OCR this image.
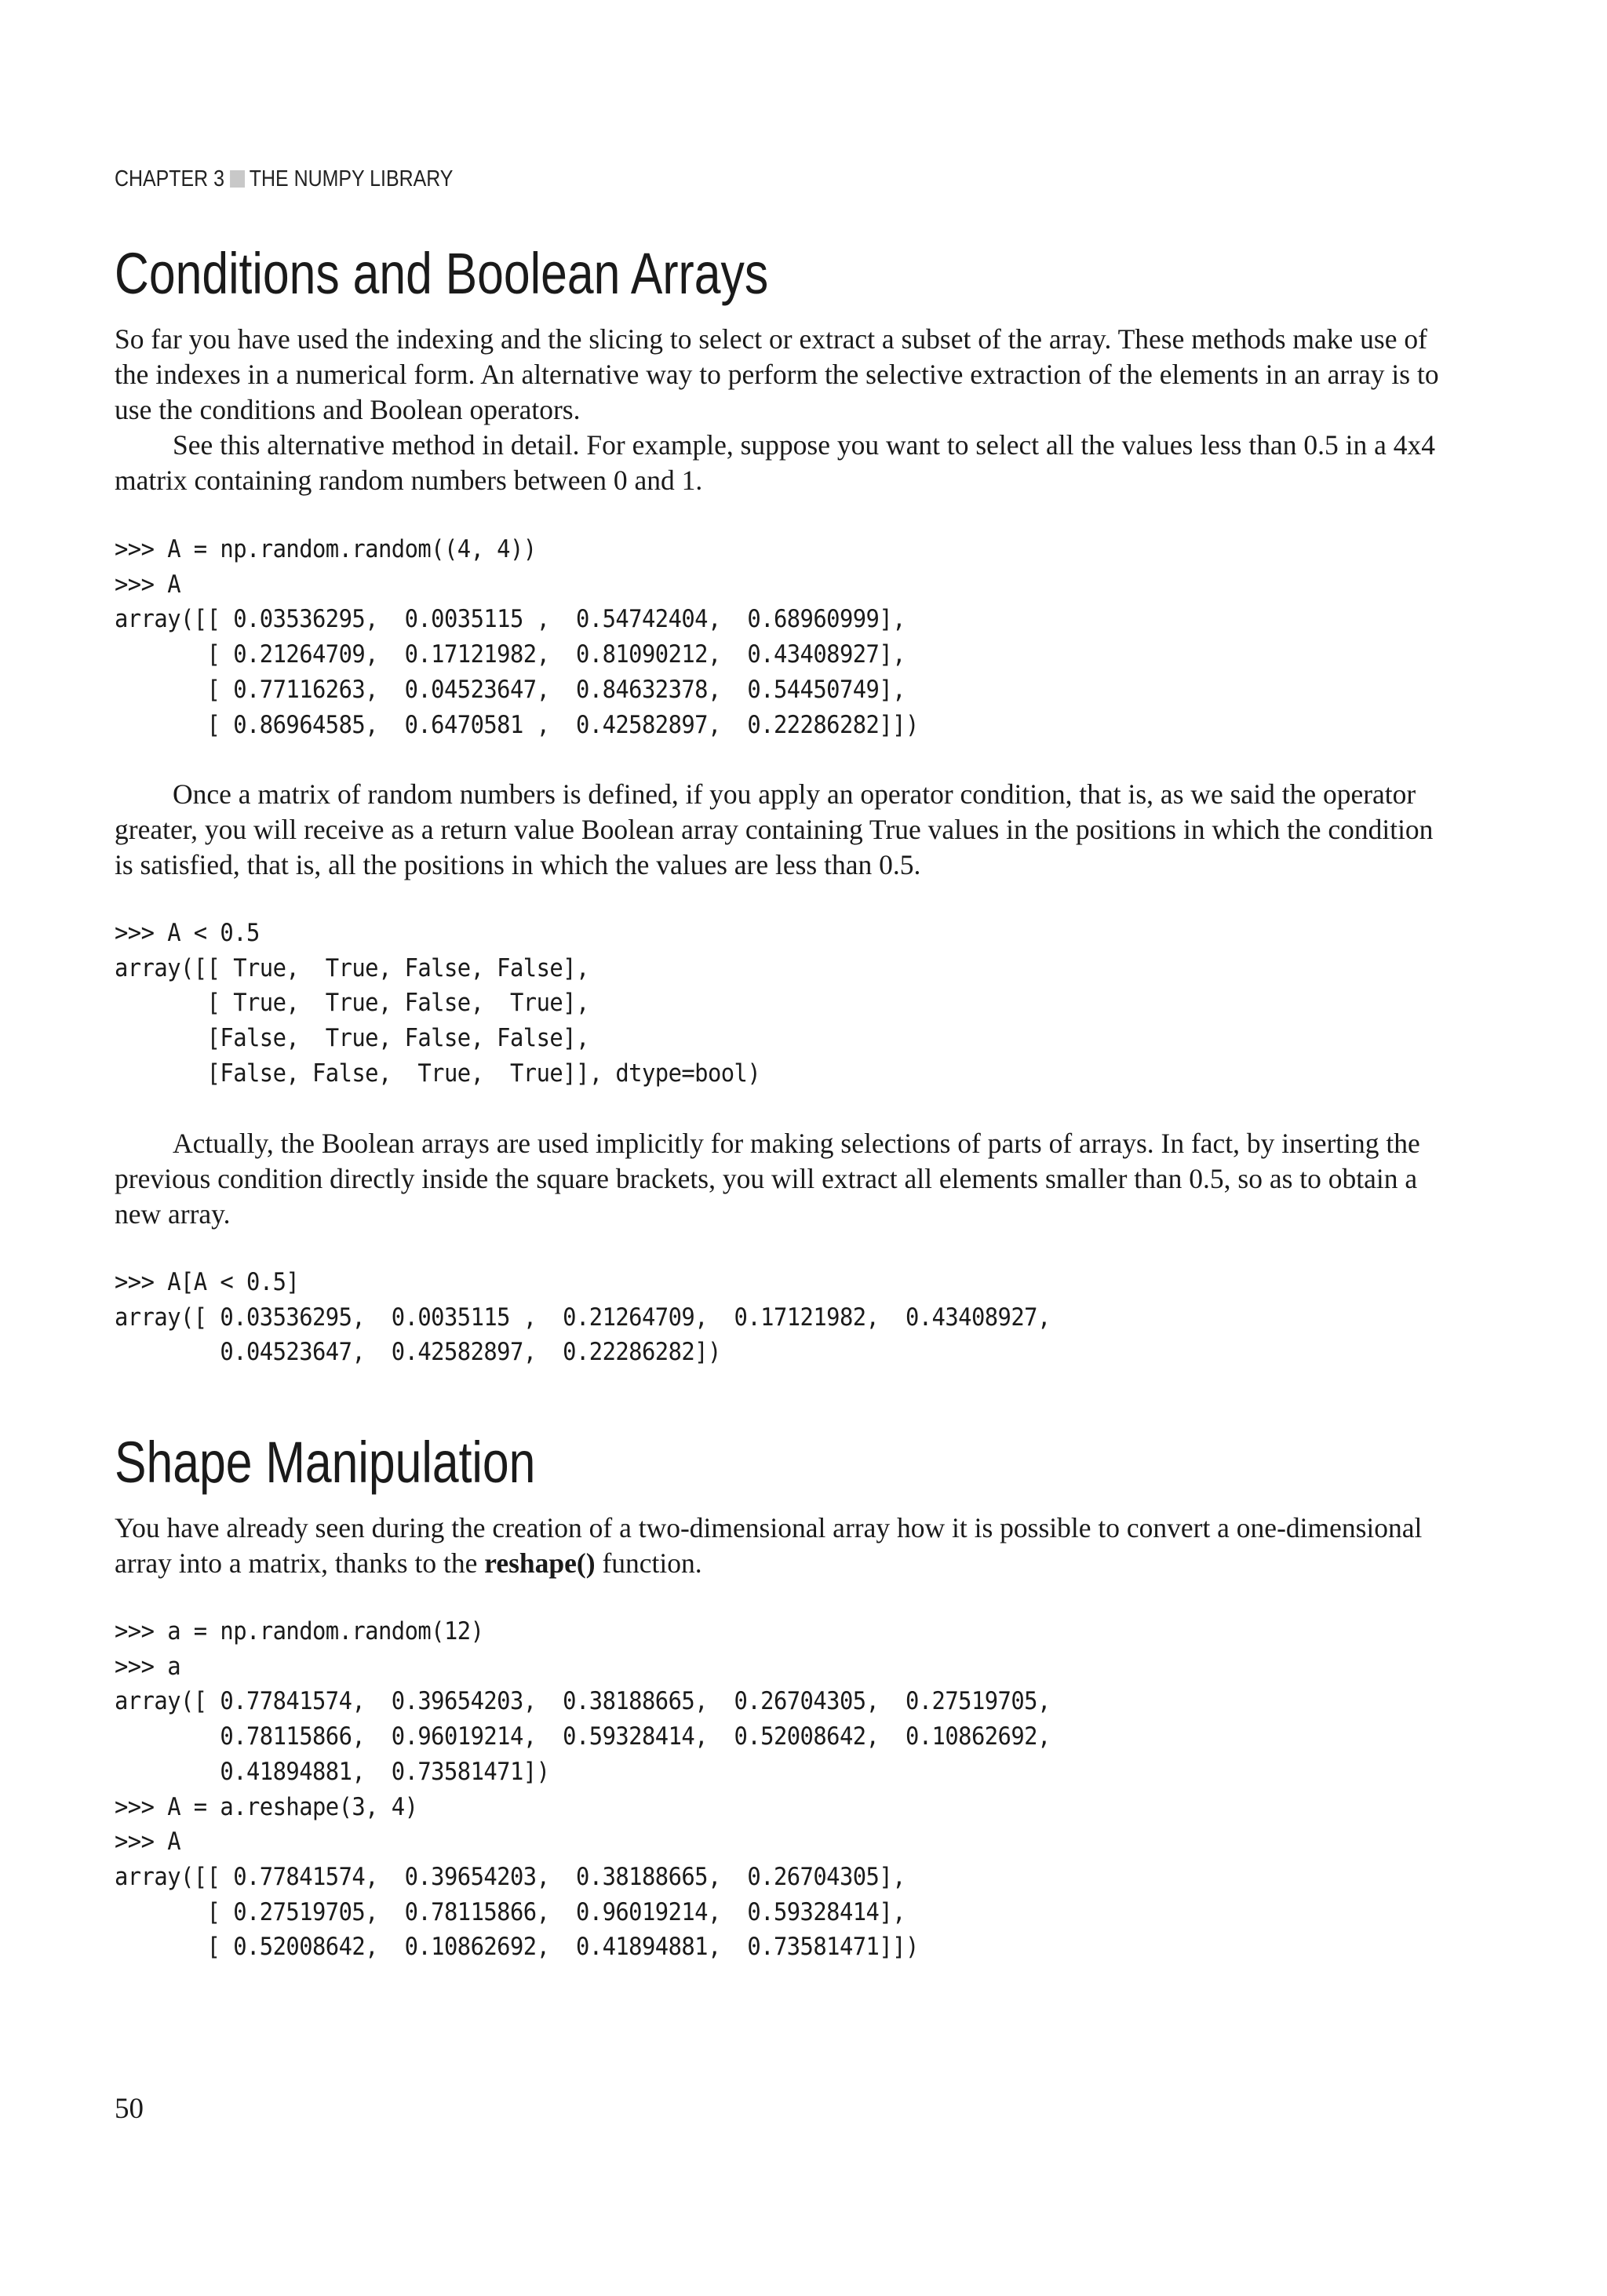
CHAPTER 3 THE NUMPY LIBRARY
Conditions and Boolean Arrays

So far you have used the indexing and the slicing to select or extract a subset of the array. These methods make use of the indexes in a numerical form. An alternative way to perform the selective extraction of the elements in an array is to use the conditions and Boolean operators.

See this alternative method in detail. For example, suppose you want to select all the values less than 0.5 in a 4x4 matrix containing random numbers between 0 and 1.

>>> A = np.random.random((4, 4))
>>> A
array([[ 0.03536295,  0.0035115 ,  0.54742404,  0.68960999],
[ 0.21264709,  0.17121982,  0.81090212,  0.43408927],
[ 0.77116263,  0.04523647,  0.84632378,  0.54450749],
[ 0.86964585,  0.6470581 ,  0.42582897,  0.22286282]])

Once a matrix of random numbers is defined, if you apply an operator condition, that is, as we said the operator greater, you will receive as a return value Boolean array containing True values in the positions in which the condition is satisfied, that is, all the positions in which the values are less than 0.5.

>>> A < 0.5
array([[ True,  True, False, False],
[ True,  True, False,  True],
[False,  True, False, False],
[False, False,  True,  True]], dtype=bool)

Actually, the Boolean arrays are used implicitly for making selections of parts of arrays. In fact, by inserting the previous condition directly inside the square brackets, you will extract all elements smaller than 0.5, so as to obtain a new array.

>>> A[A < 0.5]
array([ 0.03536295,  0.0035115 ,  0.21264709,  0.17121982,  0.43408927,
0.04523647,  0.42582897,  0.22286282])
Shape Manipulation

You have already seen during the creation of a two-dimensional array how it is possible to convert a one-dimensional array into a matrix, thanks to the reshape() function.

>>> a = np.random.random(12)
>>> a
array([ 0.77841574,  0.39654203,  0.38188665,  0.26704305,  0.27519705,
0.78115866,  0.96019214,  0.59328414,  0.52008642,  0.10862692,
0.41894881,  0.73581471])
>>> A = a.reshape(3, 4)
>>> A
array([[ 0.77841574,  0.39654203,  0.38188665,  0.26704305],
[ 0.27519705,  0.78115866,  0.96019214,  0.59328414],
[ 0.52008642,  0.10862692,  0.41894881,  0.73581471]])
50
